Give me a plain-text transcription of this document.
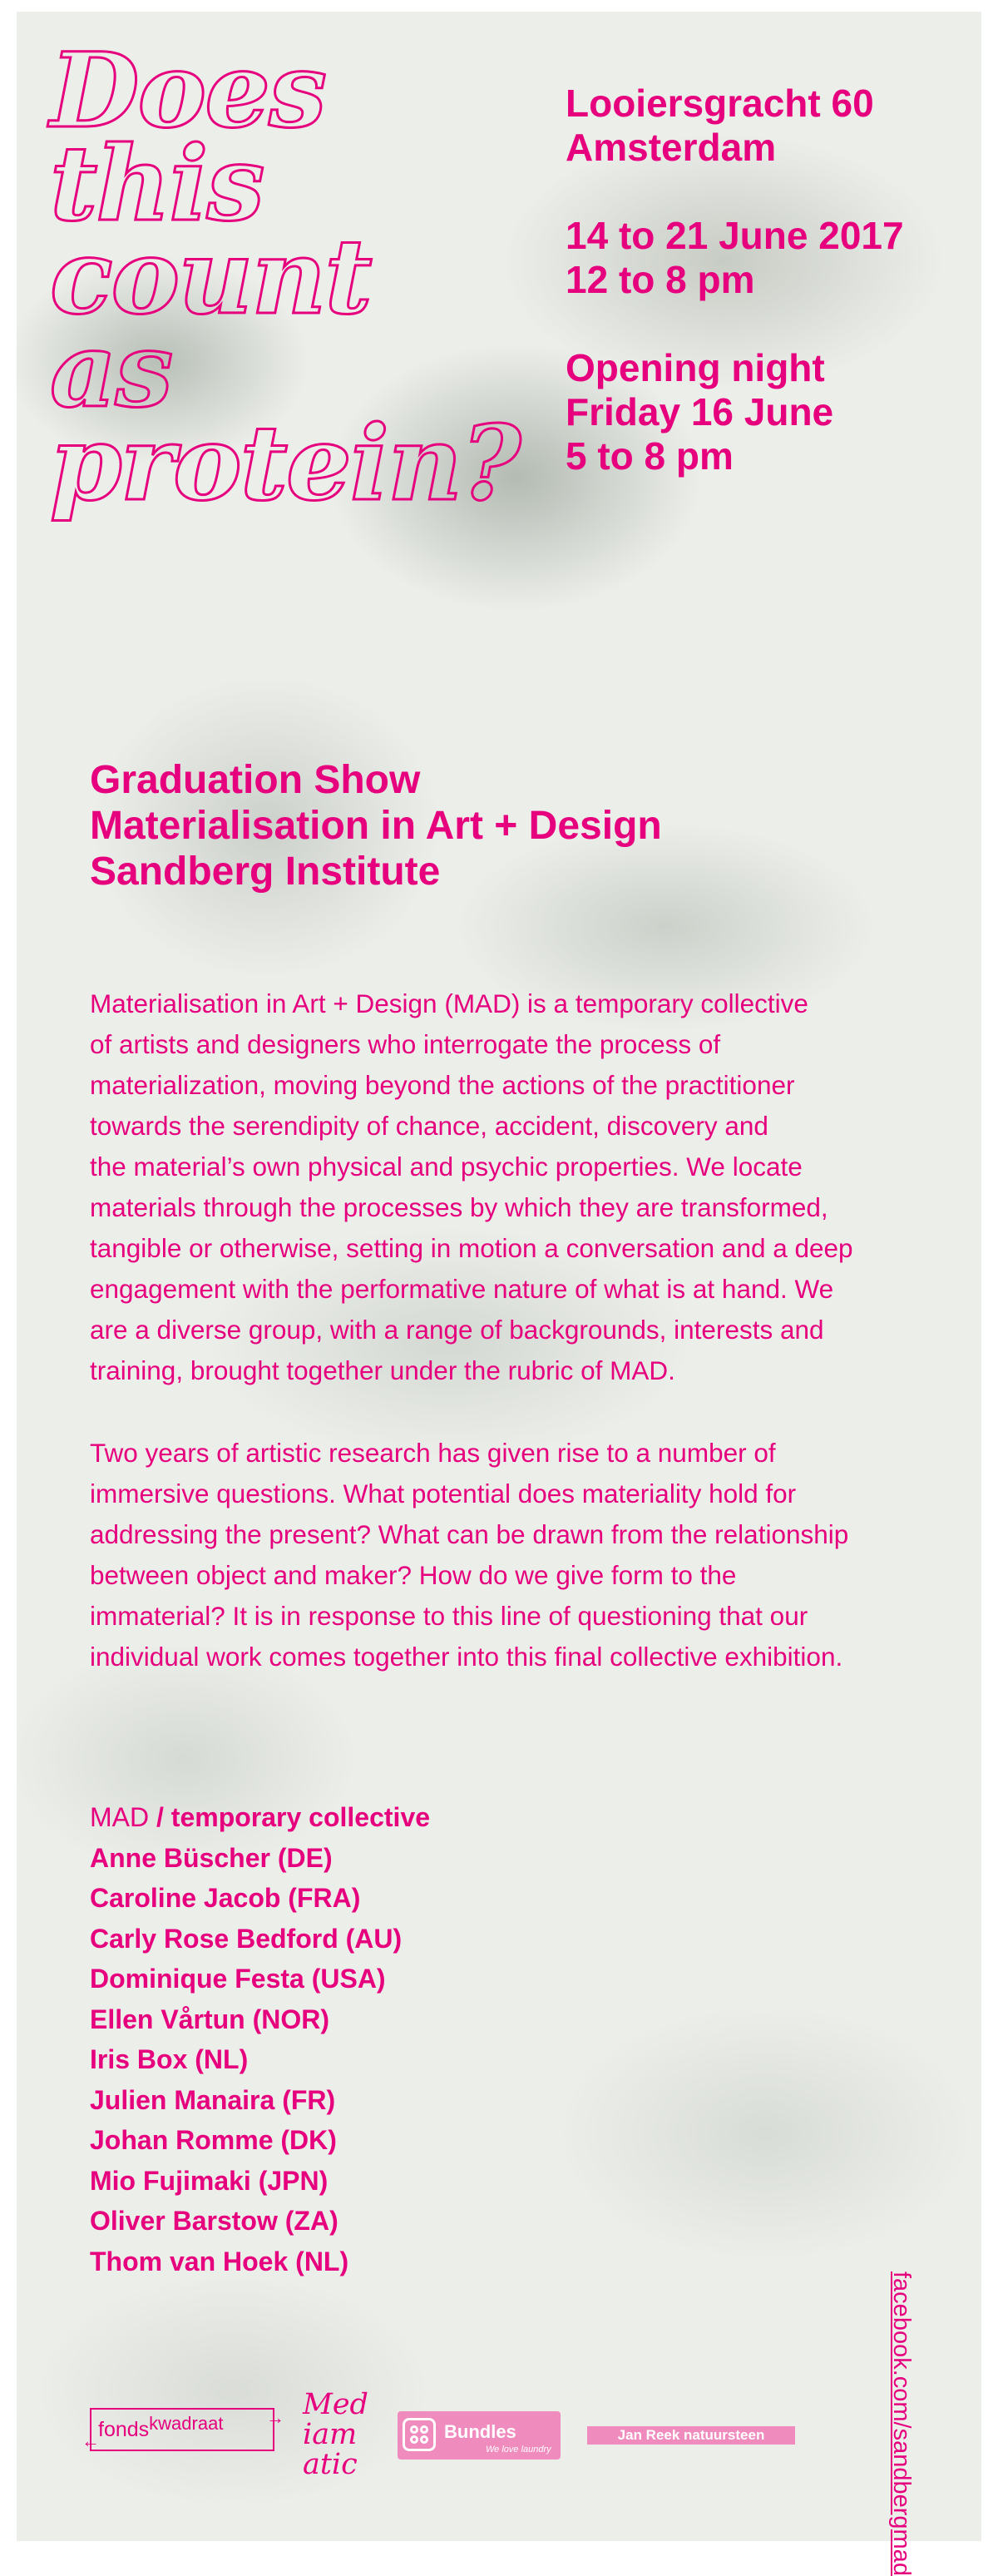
Does
this
count
as
protein?
Looiersgracht 60
Amsterdam
14 to 21 June 2017
12 to 8 pm
Opening night
Friday 16 June
5 to 8 pm
Graduation Show
Materialisation in Art + Design
Sandberg Institute
Materialisation in Art + Design (MAD) is a temporary collective
of artists and designers who interrogate the process of
materialization, moving beyond the actions of the practitioner
towards the serendipity of chance, accident, discovery and
the material’s own physical and psychic properties. We locate
materials through the processes by which they are transformed,
tangible or otherwise, setting in motion a conversation and a deep
engagement with the performative nature of what is at hand. We
are a diverse group, with a range of backgrounds, interests and
training, brought together under the rubric of MAD.
Two years of artistic research has given rise to a number of
immersive questions. What potential does materiality hold for
addressing the present? What can be drawn from the relationship
between object and maker? How do we give form to the
immaterial? It is in response to this line of questioning that our
individual work comes together into this final collective exhibition.
MAD / temporary collective
Anne Büscher (DE)
Caroline Jacob (FRA)
Carly Rose Bedford (AU)
Dominique Festa (USA)
Ellen Vårtun (NOR)
Iris Box (NL)
Julien Manaira (FR)
Johan Romme (DK)
Mio Fujimaki (JPN)
Oliver Barstow (ZA)
Thom van Hoek (NL)
facebook.com/sandbergmad
fondskwadraat →
←
Med
iam
atic
Bundles
We love laundry
Jan Reek natuursteen
